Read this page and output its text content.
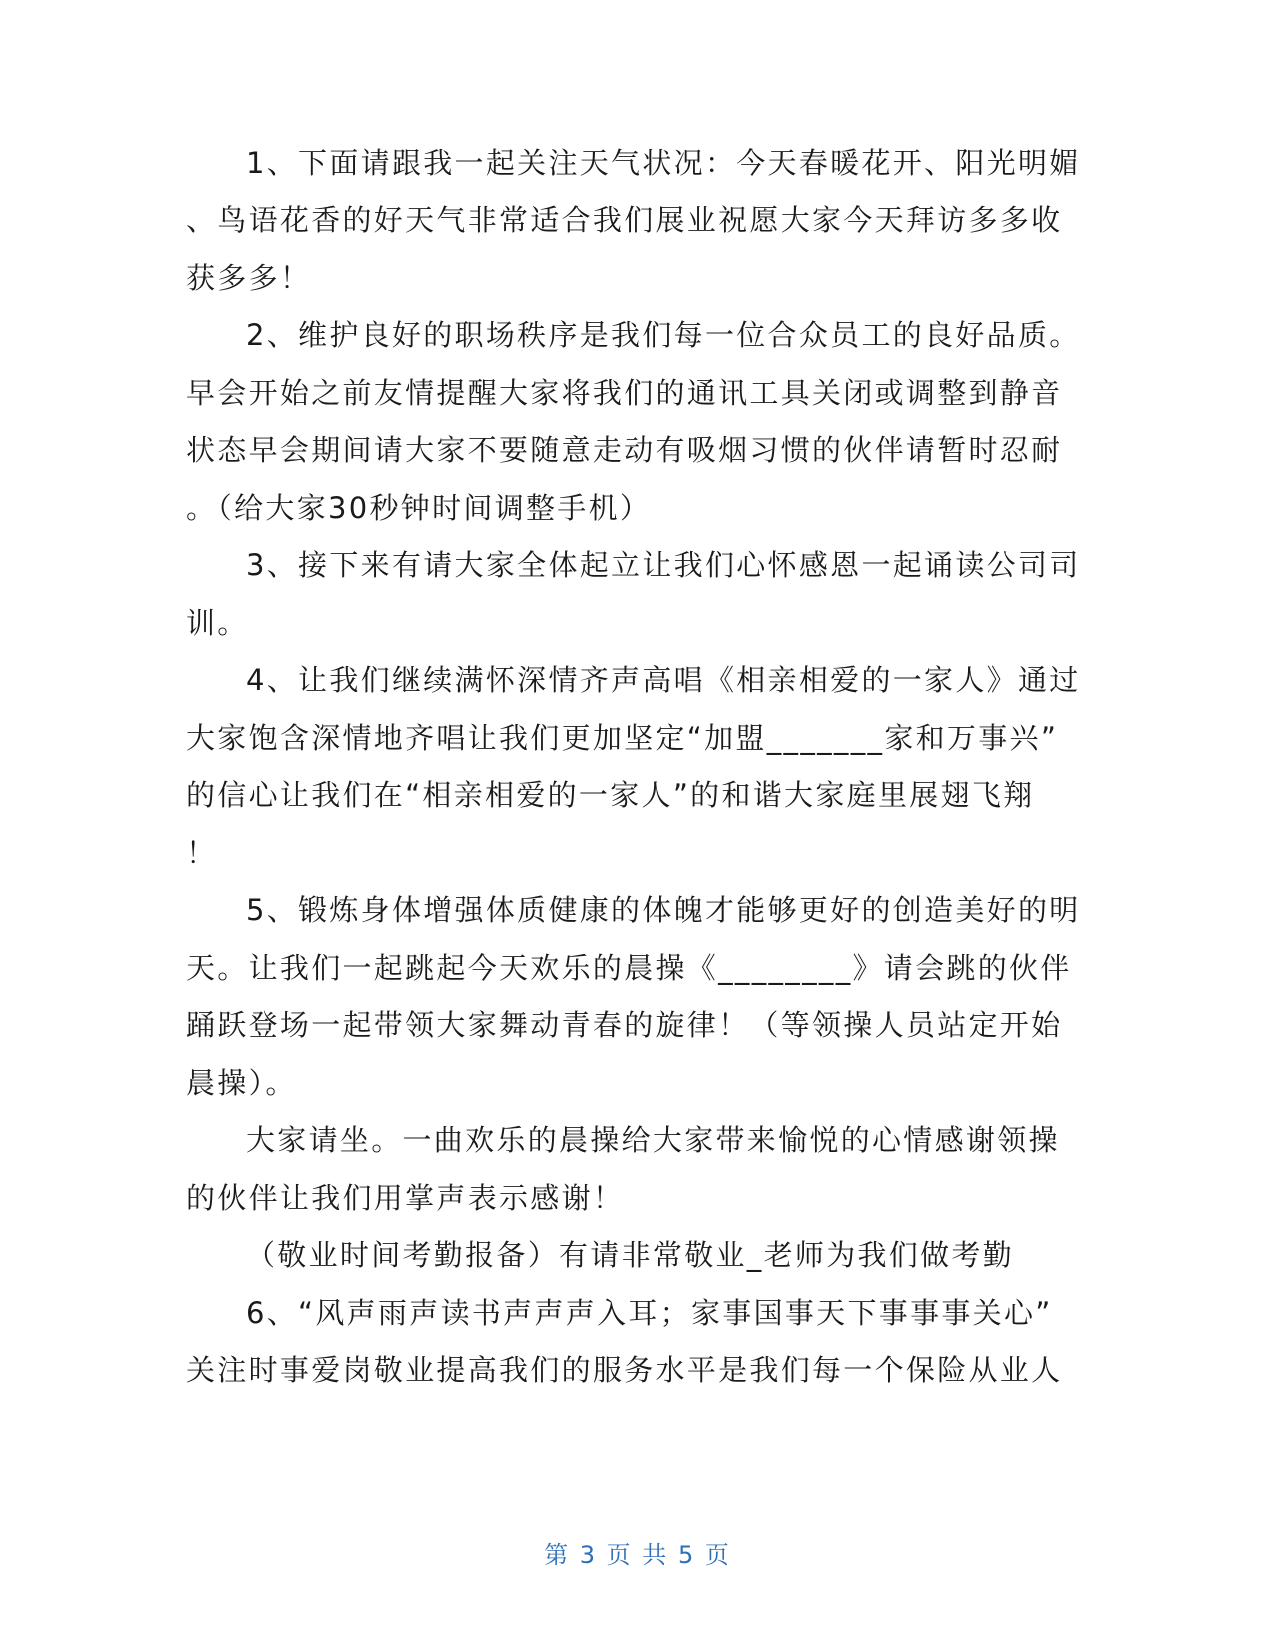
1、下面请跟我一起关注天气状况：今天春暖花开、阳光明媚
、鸟语花香的好天气非常适合我们展业祝愿大家今天拜访多多收
获多多！
2、维护良好的职场秩序是我们每一位合众员工的良好品质。
早会开始之前友情提醒大家将我们的通讯工具关闭或调整到静音
状态早会期间请大家不要随意走动有吸烟习惯的伙伴请暂时忍耐
。（给大家30秒钟时间调整手机）
3、接下来有请大家全体起立让我们心怀感恩一起诵读公司司
训。
4、让我们继续满怀深情齐声高唱《相亲相爱的一家人》通过
大家饱含深情地齐唱让我们更加坚定“加盟_______家和万事兴”
的信心让我们在“相亲相爱的一家人”的和谐大家庭里展翅飞翔
！
5、锻炼身体增强体质健康的体魄才能够更好的创造美好的明
天。让我们一起跳起今天欢乐的晨操《________》请会跳的伙伴
踊跃登场一起带领大家舞动青春的旋律！（等领操人员站定开始
晨操）。
大家请坐。一曲欢乐的晨操给大家带来愉悦的心情感谢领操
的伙伴让我们用掌声表示感谢！
（敬业时间考勤报备）有请非常敬业_老师为我们做考勤
6、“风声雨声读书声声声入耳；家事国事天下事事事关心”
关注时事爱岗敬业提高我们的服务水平是我们每一个保险从业人
第 3 页 共 5 页
